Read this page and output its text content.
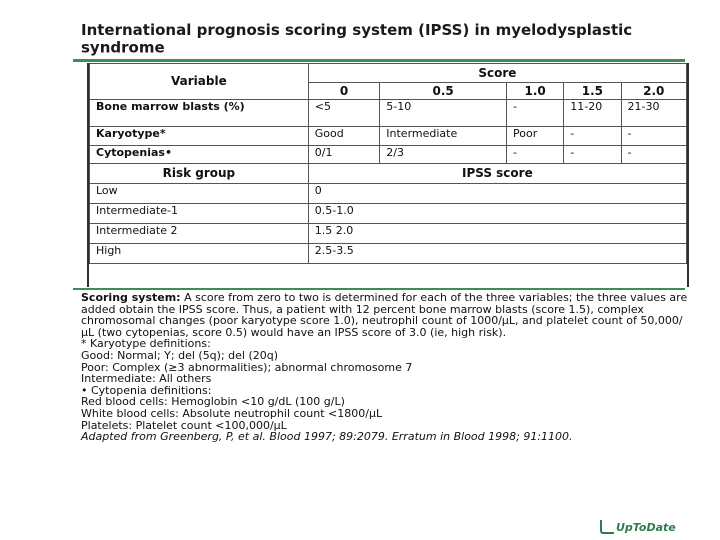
International prognosis scoring system (IPSS) in myelodysplastic syndrome
Variable	Score				
	0	0.5	1.0	1.5	2.0
Bone marrow blasts (%)	<5	5-10	-	11-20	21-30
Karyotype*	Good	Intermediate	Poor	-	-
Cytopenias•	0/1	2/3	-	-	-
Risk group	IPSS score				
Low	0				
Intermediate-1	0.5-1.0				
Intermediate 2	1.5 2.0				
High	2.5-3.5				

Scoring system: A score from zero to two is determined for each of the three variables; the three values are added obtain the IPSS score. Thus, a patient with 12 percent bone marrow blasts (score 1.5), complex chromosomal changes (poor karyotype score 1.0), neutrophil count of 1000/µL, and platelet count of 50,000/µL (two cytopenias, score 0.5) would have an IPSS score of 3.0 (ie, high risk).

* Karyotype definitions:

Good: Normal; Y; del (5q); del (20q)

Poor: Complex (≥3 abnormalities); abnormal chromosome 7

Intermediate: All others

• Cytopenia definitions:

Red blood cells: Hemoglobin <10 g/dL (100 g/L)

White blood cells: Absolute neutrophil count <1800/µL

Platelets: Platelet count <100,000/µL

Adapted from Greenberg, P, et al. Blood 1997; 89:2079. Erratum in Blood 1998; 91:1100.

UpToDate
